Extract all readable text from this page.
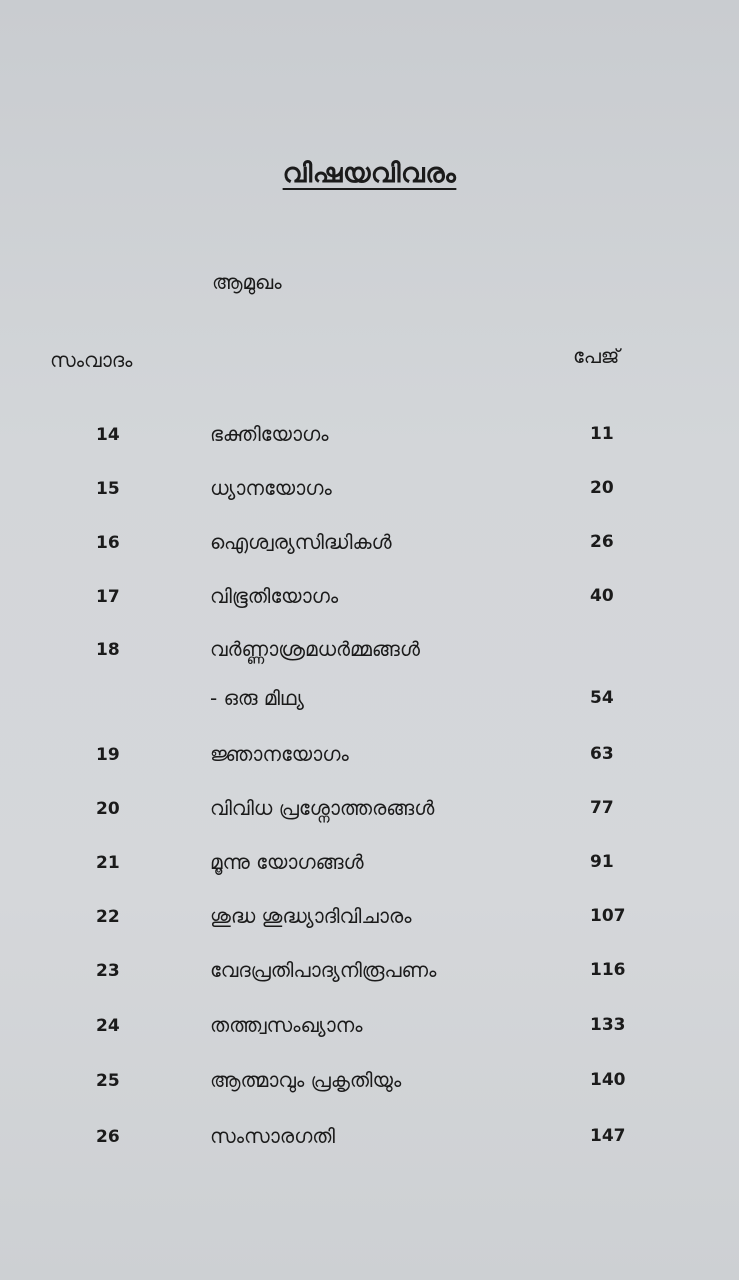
വിഷയവിവരം
ആമുഖം
സംവാദം	പേജ്
14	ഭക്തിയോഗം	11
15	ധ്യാനയോഗം	20
16	ഐശ്വര്യസിദ്ധികൾ	26
17	വിഭൂതിയോഗം	40
18	വർണ്ണാശ്രമധർമ്മങ്ങൾ
- ഒരു മിഥ്യ	54
19	ജ്ഞാനയോഗം	63
20	വിവിധ പ്രശ്നോത്തരങ്ങൾ	77
21	മൂന്നു യോഗങ്ങൾ	91
22	ശുദ്ധ ശുദ്ധ്യാദിവിചാരം	107
23	വേദപ്രതിപാദ്യനിരൂപണം	116
24	തത്ത്വസംഖ്യാനം	133
25	ആത്മാവും പ്രകൃതിയും	140
26	സംസാരഗതി	147
